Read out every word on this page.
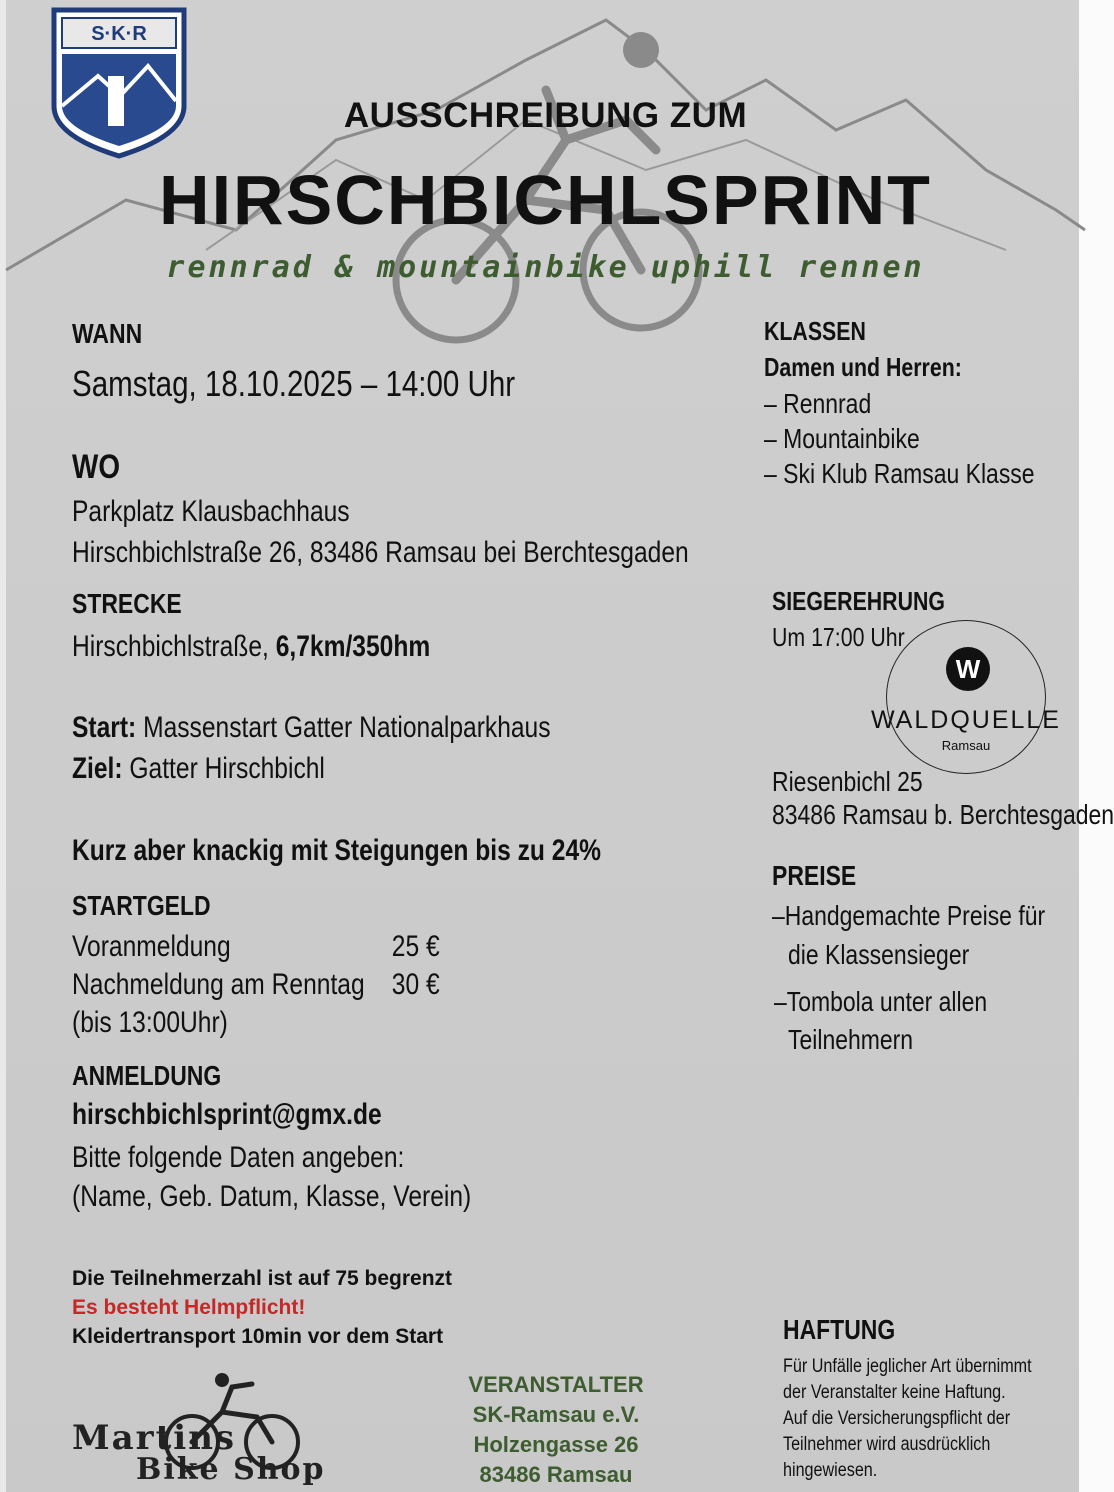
S·K·R
AUSSCHREIBUNG ZUM
HIRSCHBICHLSPRINT
rennrad & mountainbike uphill rennen
WANN
Samstag, 18.10.2025 – 14:00 Uhr
WO
Parkplatz Klausbachhaus
Hirschbichlstraße 26, 83486 Ramsau bei Berchtesgaden
STRECKE
Hirschbichlstraße, 6,7km/350hm
Start: Massenstart Gatter Nationalparkhaus
Ziel: Gatter Hirschbichl
Kurz aber knackig mit Steigungen bis zu 24%
STARTGELD
Voranmeldung	25 €
Nachmeldung am Renntag 30 €
(bis 13:00Uhr)
ANMELDUNG
hirschbichlsprint@gmx.de
Bitte folgende Daten angeben:
(Name, Geb. Datum, Klasse, Verein)
Die Teilnehmerzahl ist auf 75 begrenzt
Es besteht Helmpflicht!
Kleidertransport 10min vor dem Start
KLASSEN
Damen und Herren:
– Rennrad
– Mountainbike
– Ski Klub Ramsau Klasse
SIEGEREHRUNG
Um 17:00 Uhr
W
WALDQUELLE
Ramsau
Riesenbichl 25
83486 Ramsau b. Berchtesgaden
PREISE
–Handgemachte Preise für
die Klassensieger
–Tombola unter allen
Teilnehmern
VERANSTALTER
SK-Ramsau e.V.
Holzengasse 26
83486 Ramsau
HAFTUNG
Für Unfälle jeglicher Art übernimmt
der Veranstalter keine Haftung.
Auf die Versicherungspflicht der
Teilnehmer wird ausdrücklich
hingewiesen.
Martins
Bike Shop
